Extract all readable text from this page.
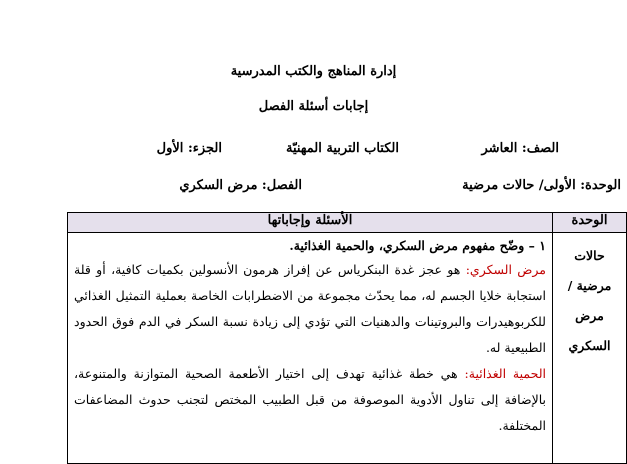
إدارة المناهج والكتب المدرسية
إجابات أسئلة الفصل
الصف: العاشر
الكتاب التربية المهنيّة
الجزء: الأول
الوحدة: الأولى/ حالات مرضية
الفصل: مرض السكري
الوحدة	الأسئلة وإجاباتها
حالات مرضية / مرض السكري	١ – وضّح مفهوم مرض السكري، والحمية الغذائية.
مرض السكري: هو عجز غدة البنكرياس عن إفراز هرمون الأنسولين بكميات كافية، أو قلة استجابة خلايا الجسم له، مما يحدّث مجموعة من الاضطرابات الخاصة بعملية التمثيل الغذائي للكربوهيدرات والبروتينات والدهنيات التي تؤدي إلى زيادة نسبة السكر في الدم فوق الحدود الطبيعية له.
الحمية الغذائية: هي خطة غذائية تهدف إلى اختيار الأطعمة الصحية المتوازنة والمتنوعة، بالإضافة إلى تناول الأدوية الموصوفة من قبل الطبيب المختص لتجنب حدوث المضاعفات المختلفة.
